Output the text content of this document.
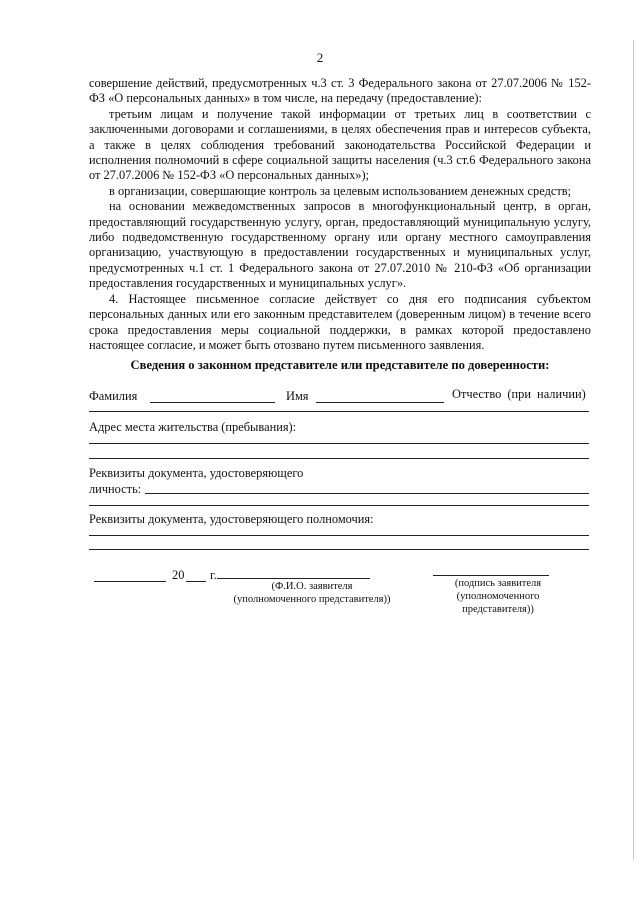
2

совершение действий, предусмотренных ч.3 ст. 3 Федерального закона от 27.07.2006 № 152-ФЗ «О персональных данных» в том числе, на передачу (предоставление):

третьим лицам и получение такой информации от третьих лиц в соответствии с заключенными договорами и соглашениями, в целях обеспечения прав и интересов субъекта, а также в целях соблюдения требований законодательства Российской Федерации и исполнения полномочий в сфере социальной защиты населения (ч.3 ст.6 Федерального закона от 27.07.2006 № 152-ФЗ «О персональных данных»);

в организации, совершающие контроль за целевым использованием денежных средств;

на основании межведомственных запросов в многофункциональный центр, в орган, предоставляющий государственную услугу, орган, предоставляющий муниципальную услугу, либо подведомственную государственному органу или органу местного самоуправления организацию, участвующую в предоставлении государственных и муниципальных услуг, предусмотренных ч.1 ст. 1 Федерального закона от 27.07.2010 № 210-ФЗ «Об организации предоставления государственных и муниципальных услуг».

4. Настоящее письменное согласие действует со дня его подписания субъектом персональных данных или его законным представителем (доверенным лицом) в течение всего срока предоставления меры социальной поддержки, в рамках которой предоставлено настоящее согласие, и может быть отозвано путем письменного заявления.

Сведения о законном представителе или представителе по доверенности:
Фамилия	Имя	Отчество (при наличии)
Адрес места жительства (пребывания):
Реквизиты документа, удостоверяющего
личность:
Реквизиты документа, удостоверяющего полномочия:
20 г.
(Ф.И.О. заявителя
(уполномоченного представителя))
(подпись заявителя
(уполномоченного
представителя))
